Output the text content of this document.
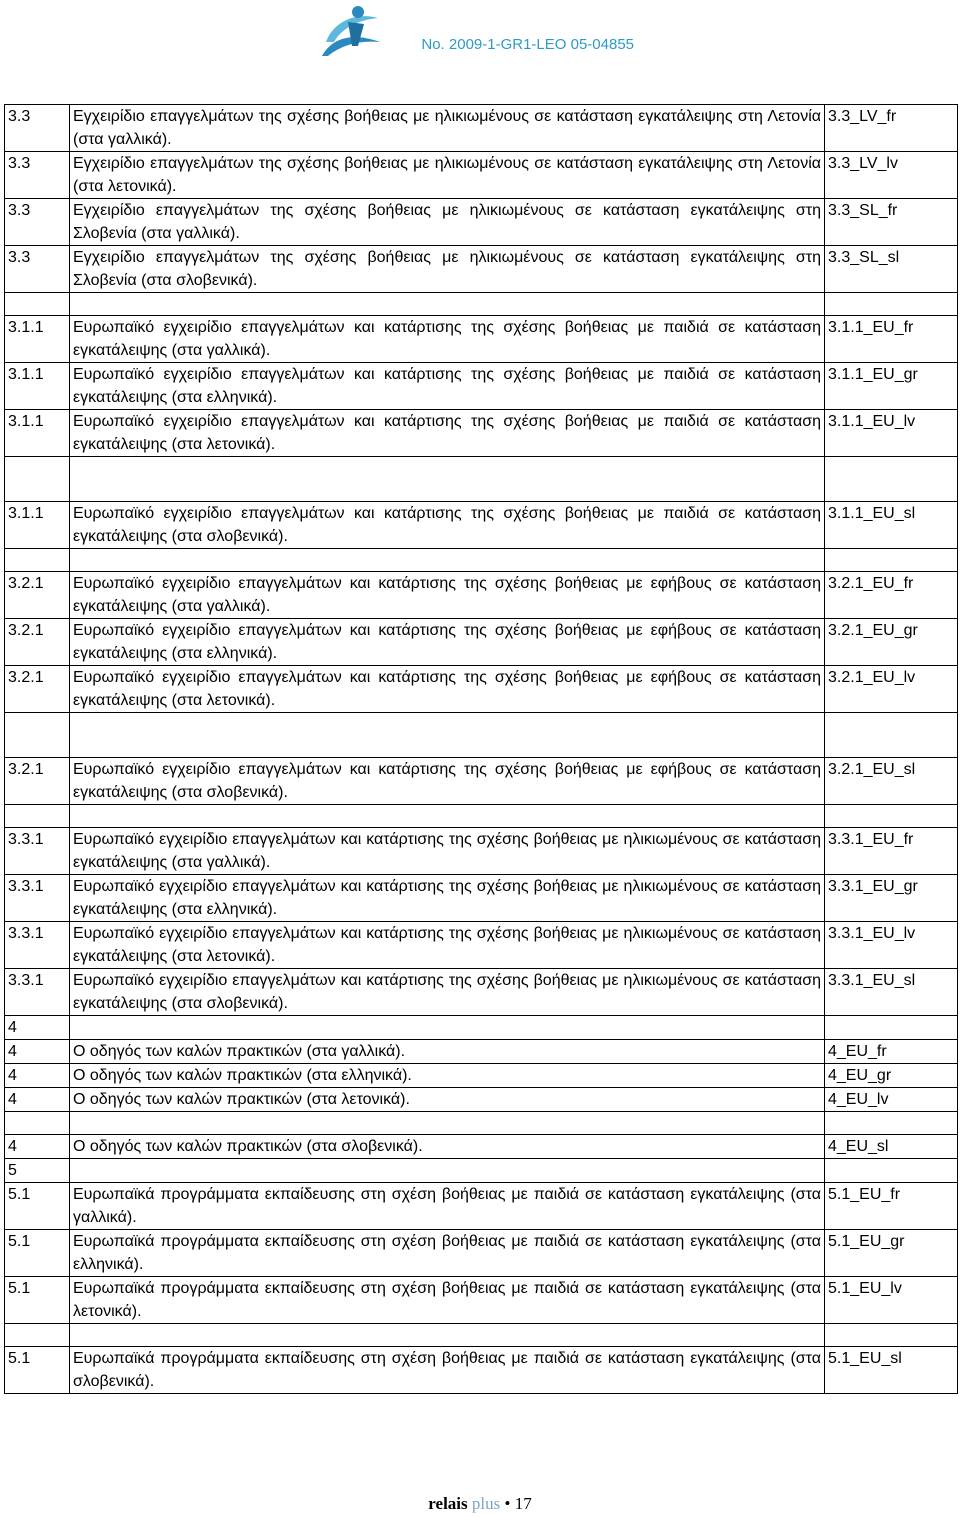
No. 2009-1-GR1-LEO 05-04855
3.3	Εγχειρίδιο επαγγελμάτων της σχέσης βοήθειας με ηλικιωμένους σε κατάσταση εγκατάλειψης στη Λετονία (στα γαλλικά).	3.3_LV_fr
3.3	Εγχειρίδιο επαγγελμάτων της σχέσης βοήθειας με ηλικιωμένους σε κατάσταση εγκατάλειψης στη Λετονία (στα λετονικά).	3.3_LV_lv
3.3	Εγχειρίδιο επαγγελμάτων της σχέσης βοήθειας με ηλικιωμένους σε κατάσταση εγκατάλειψης στη Σλοβενία (στα γαλλικά).	3.3_SL_fr
3.3	Εγχειρίδιο επαγγελμάτων της σχέσης βοήθειας με ηλικιωμένους σε κατάσταση εγκατάλειψης στη Σλοβενία (στα σλοβενικά).	3.3_SL_sl

3.1.1	Ευρωπαϊκό εγχειρίδιο επαγγελμάτων και κατάρτισης της σχέσης βοήθειας με παιδιά σε κατάσταση εγκατάλειψης (στα γαλλικά).	3.1.1_EU_fr
3.1.1	Ευρωπαϊκό εγχειρίδιο επαγγελμάτων και κατάρτισης της σχέσης βοήθειας με παιδιά σε κατάσταση εγκατάλειψης (στα ελληνικά).	3.1.1_EU_gr
3.1.1	Ευρωπαϊκό εγχειρίδιο επαγγελμάτων και κατάρτισης της σχέσης βοήθειας με παιδιά σε κατάσταση εγκατάλειψης (στα λετονικά).	3.1.1_EU_lv

3.1.1	Ευρωπαϊκό εγχειρίδιο επαγγελμάτων και κατάρτισης της σχέσης βοήθειας με παιδιά σε κατάσταση εγκατάλειψης (στα σλοβενικά).	3.1.1_EU_sl

3.2.1	Ευρωπαϊκό εγχειρίδιο επαγγελμάτων και κατάρτισης της σχέσης βοήθειας με εφήβους σε κατάσταση εγκατάλειψης (στα γαλλικά).	3.2.1_EU_fr
3.2.1	Ευρωπαϊκό εγχειρίδιο επαγγελμάτων και κατάρτισης της σχέσης βοήθειας με εφήβους σε κατάσταση εγκατάλειψης (στα ελληνικά).	3.2.1_EU_gr
3.2.1	Ευρωπαϊκό εγχειρίδιο επαγγελμάτων και κατάρτισης της σχέσης βοήθειας με εφήβους σε κατάσταση εγκατάλειψης (στα λετονικά).	3.2.1_EU_lv

3.2.1	Ευρωπαϊκό εγχειρίδιο επαγγελμάτων και κατάρτισης της σχέσης βοήθειας με εφήβους σε κατάσταση εγκατάλειψης (στα σλοβενικά).	3.2.1_EU_sl

3.3.1	Ευρωπαϊκό εγχειρίδιο επαγγελμάτων και κατάρτισης της σχέσης βοήθειας με ηλικιωμένους σε κατάσταση εγκατάλειψης (στα γαλλικά).	3.3.1_EU_fr
3.3.1	Ευρωπαϊκό εγχειρίδιο επαγγελμάτων και κατάρτισης της σχέσης βοήθειας με ηλικιωμένους σε κατάσταση εγκατάλειψης (στα ελληνικά).	3.3.1_EU_gr
3.3.1	Ευρωπαϊκό εγχειρίδιο επαγγελμάτων και κατάρτισης της σχέσης βοήθειας με ηλικιωμένους σε κατάσταση εγκατάλειψης (στα λετονικά).	3.3.1_EU_lv
3.3.1	Ευρωπαϊκό εγχειρίδιο επαγγελμάτων και κατάρτισης της σχέσης βοήθειας με ηλικιωμένους σε κατάσταση εγκατάλειψης (στα σλοβενικά).	3.3.1_EU_sl
4		
4	Ο οδηγός των καλών πρακτικών (στα γαλλικά).	4_EU_fr
4	Ο οδηγός των καλών πρακτικών (στα ελληνικά).	4_EU_gr
4	Ο οδηγός των καλών πρακτικών (στα λετονικά).	4_EU_lv

4	Ο οδηγός των καλών πρακτικών (στα σλοβενικά).	4_EU_sl
5		
5.1	Ευρωπαϊκά προγράμματα εκπαίδευσης στη σχέση βοήθειας με παιδιά σε κατάσταση εγκατάλειψης (στα γαλλικά).	5.1_EU_fr
5.1	Ευρωπαϊκά προγράμματα εκπαίδευσης στη σχέση βοήθειας με παιδιά σε κατάσταση εγκατάλειψης (στα ελληνικά).	5.1_EU_gr
5.1	Ευρωπαϊκά προγράμματα εκπαίδευσης στη σχέση βοήθειας με παιδιά σε κατάσταση εγκατάλειψης (στα λετονικά).	5.1_EU_lv

5.1	Ευρωπαϊκά προγράμματα εκπαίδευσης στη σχέση βοήθειας με παιδιά σε κατάσταση εγκατάλειψης (στα σλοβενικά).	5.1_EU_sl
relais plus • 17
